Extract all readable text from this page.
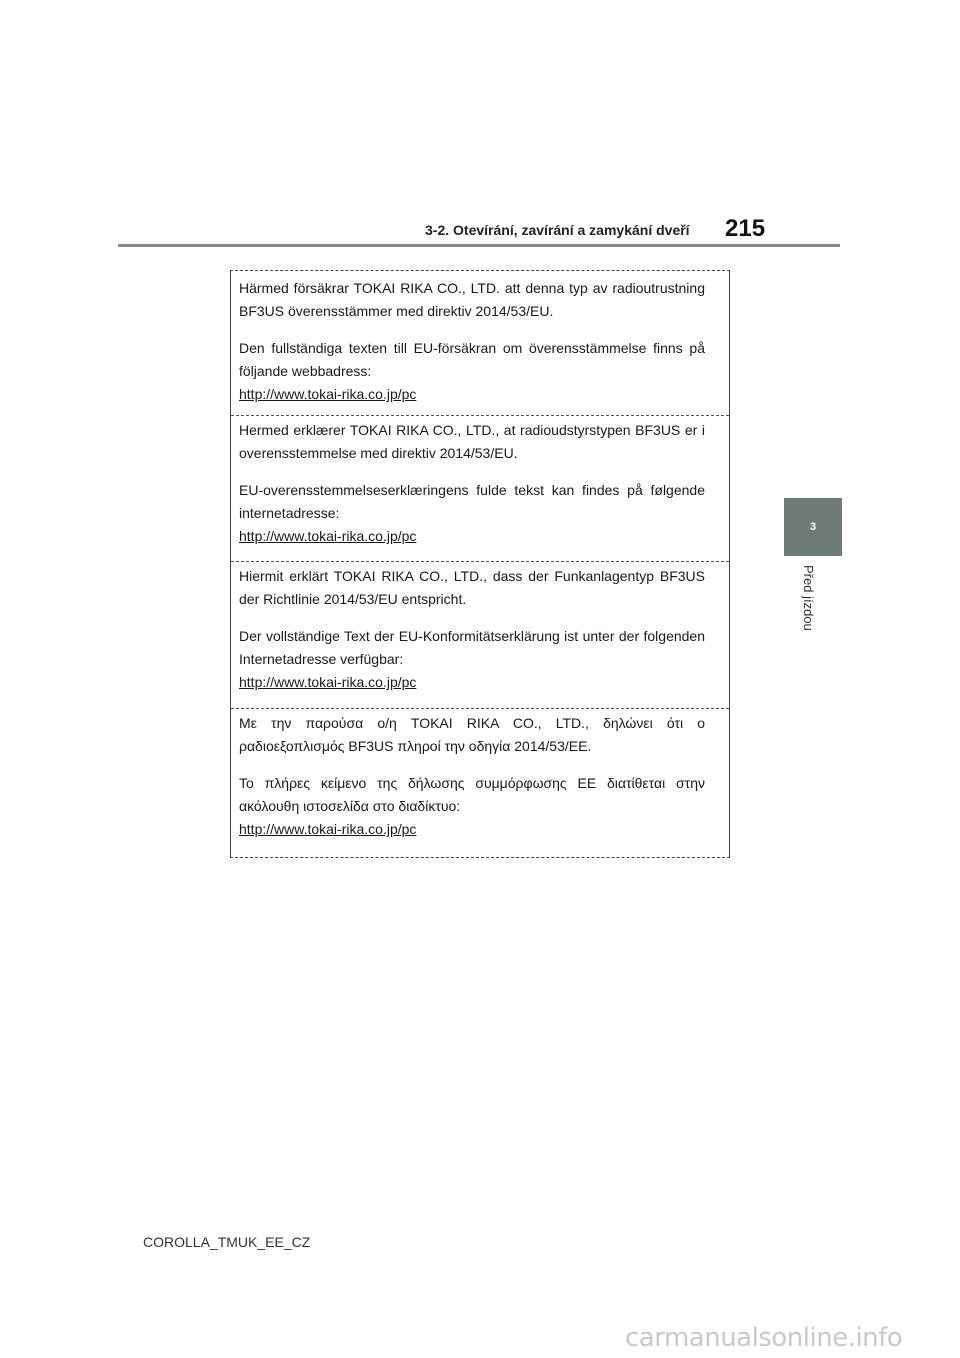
3-2. Otevírání, zavírání a zamykání dveří	215
3
Před jízdou

Härmed försäkrar TOKAI RIKA CO., LTD. att denna typ av radioutrustning BF3US överensstämmer med direktiv 2014/53/EU.

Den fullständiga texten till EU-försäkran om överensstämmelse finns på följande webbadress:

http://www.tokai-rika.co.jp/pc

Hermed erklærer TOKAI RIKA CO., LTD., at radioudstyrstypen BF3US er i overensstemmelse med direktiv 2014/53/EU.

EU-overensstemmelseserklæringens fulde tekst kan findes på følgende internetadresse:

http://www.tokai-rika.co.jp/pc

Hiermit erklärt TOKAI RIKA CO., LTD., dass der Funkanlagentyp BF3US der Richtlinie 2014/53/EU entspricht.

Der vollständige Text der EU-Konformitätserklärung ist unter der folgenden Internetadresse verfügbar:

http://www.tokai-rika.co.jp/pc

Με την παρούσα ο/η TOKAI RIKA CO., LTD., δηλώνει ότι ο ραδιοεξοπλισμός BF3US πληροί την οδηγία 2014/53/ΕΕ.

Το πλήρες κείμενο της δήλωσης συμμόρφωσης ΕΕ διατίθεται στην ακόλουθη ιστοσελίδα στο διαδίκτυο:

http://www.tokai-rika.co.jp/pc
COROLLA_TMUK_EE_CZ
carmanualsonline.info
